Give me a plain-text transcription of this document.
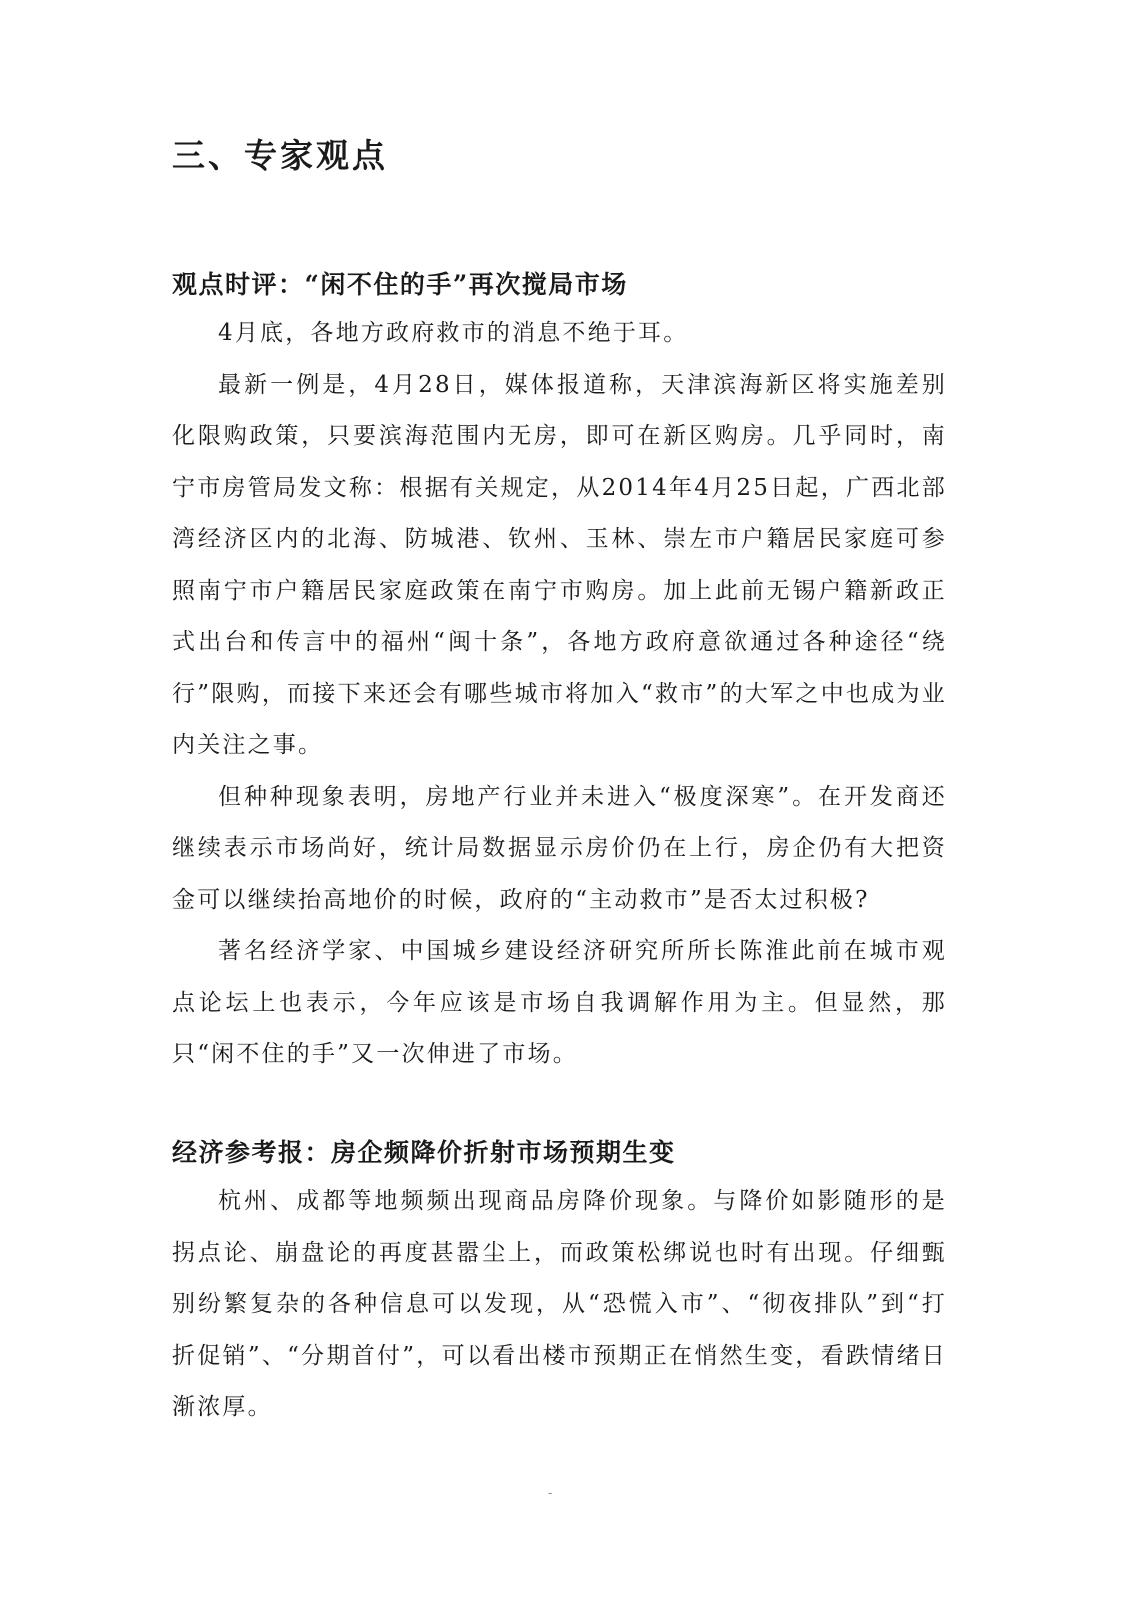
三、专家观点
观点时评：“闲不住的手”再次搅局市场

4月底，各地方政府救市的消息不绝于耳。

最新一例是，4月28日，媒体报道称，天津滨海新区将实施差别化限购政策，只要滨海范围内无房，即可在新区购房。几乎同时，南宁市房管局发文称：根据有关规定，从2014年4月25日起，广西北部湾经济区内的北海、防城港、钦州、玉林、崇左市户籍居民家庭可参照南宁市户籍居民家庭政策在南宁市购房。加上此前无锡户籍新政正式出台和传言中的福州“闽十条”，各地方政府意欲通过各种途径“绕行”限购，而接下来还会有哪些城市将加入“救市”的大军之中也成为业内关注之事。

但种种现象表明，房地产行业并未进入“极度深寒”。在开发商还继续表示市场尚好，统计局数据显示房价仍在上行，房企仍有大把资金可以继续抬高地价的时候，政府的“主动救市”是否太过积极?

著名经济学家、中国城乡建设经济研究所所长陈淮此前在城市观点论坛上也表示，今年应该是市场自我调解作用为主。但显然，那只“闲不住的手”又一次伸进了市场。

经济参考报：房企频降价折射市场预期生变

杭州、成都等地频频出现商品房降价现象。与降价如影随形的是拐点论、崩盘论的再度甚嚣尘上，而政策松绑说也时有出现。仔细甄别纷繁复杂的各种信息可以发现，从“恐慌入市”、“彻夜排队”到“打折促销”、“分期首付”，可以看出楼市预期正在悄然生变，看跌情绪日渐浓厚。

-
